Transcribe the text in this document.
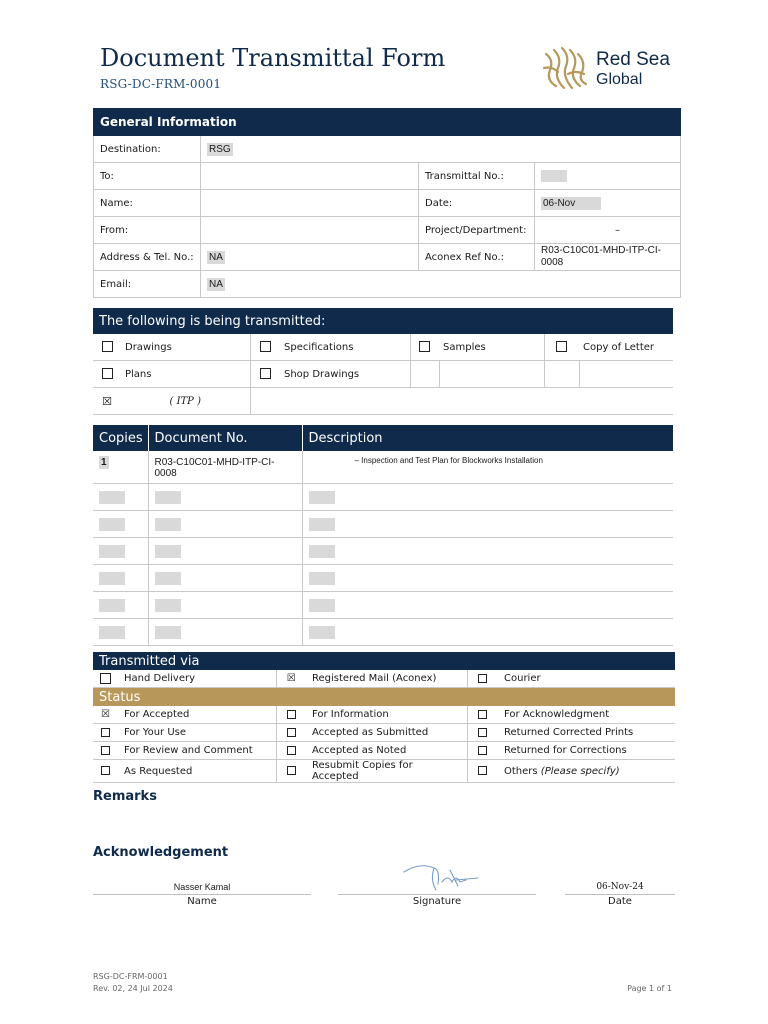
Document Transmittal Form
RSG-DC-FRM-0001
Red Sea
Global
General Information			
Destination:	RSG		
To:		Transmittal No.:	
Name:		Date:	06-Nov
From:		Project/Department:	–
Address & Tel. No.:	NA	Aconex Ref No.:	R03-C10C01-MHD-ITP-CI-0008
Email:	NA		
The following is being transmitted:							
	Drawings		Specifications		Samples		Copy of Letter
	Plans		Shop Drawings				
☒	( ITP )						
Copies	Document No.	Description
1	R03-C10C01-MHD-ITP-CI-0008	– Inspection and Test Plan for Blockworks Installation

Transmitted via					
	Hand Delivery	☒	Registered Mail (Aconex)		Courier
Status					
☒	For Accepted		For Information		For Acknowledgment
	For Your Use		Accepted as Submitted		Returned Corrected Prints
	For Review and Comment		Accepted as Noted		Returned for Corrections
	As Requested		Resubmit Copies for Accepted		Others (Please specify)
Remarks
Acknowledgement
Nasser Kamal
Name	Signature
06-Nov-24
Date
RSG-DC-FRM-0001
Rev. 02, 24 Jul 2024	Page 1 of 1
